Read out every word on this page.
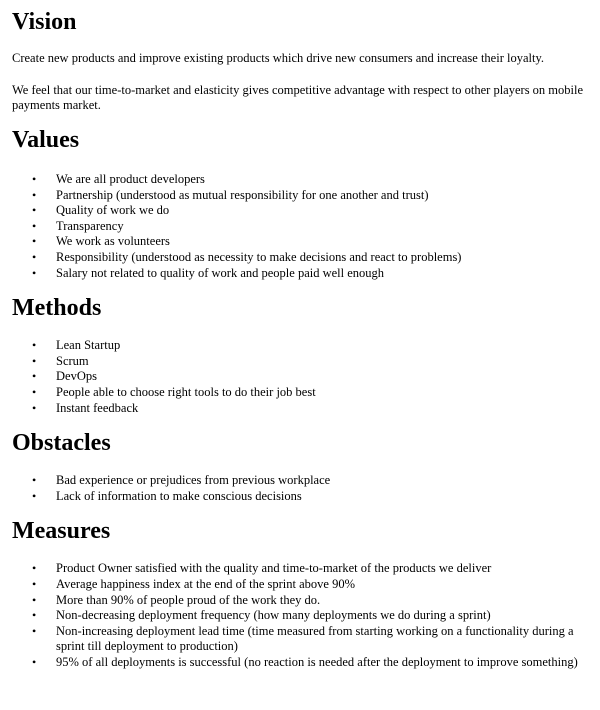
Vision

Create new products and improve existing products which drive new consumers and increase their loyalty.

We feel that our time-to-market and elasticity gives competitive advantage with respect to other players on mobile payments market.

Values
• We are all product developers
• Partnership (understood as mutual responsibility for one another and trust)
• Quality of work we do
• Transparency
• We work as volunteers
• Responsibility (understood as necessity to make decisions and react to problems)
• Salary not related to quality of work and people paid well enough
Methods
• Lean Startup
• Scrum
• DevOps
• People able to choose right tools to do their job best
• Instant feedback
Obstacles
• Bad experience or prejudices from previous workplace
• Lack of information to make conscious decisions
Measures
• Product Owner satisfied with the quality and time-to-market of the products we deliver
• Average happiness index at the end of the sprint above 90%
• More than 90% of people proud of the work they do.
• Non-decreasing deployment frequency (how many deployments we do during a sprint)
• Non-increasing deployment lead time (time measured from starting working on a functionality during a sprint till deployment to production)
• 95% of all deployments is successful (no reaction is needed after the deployment to improve something)
